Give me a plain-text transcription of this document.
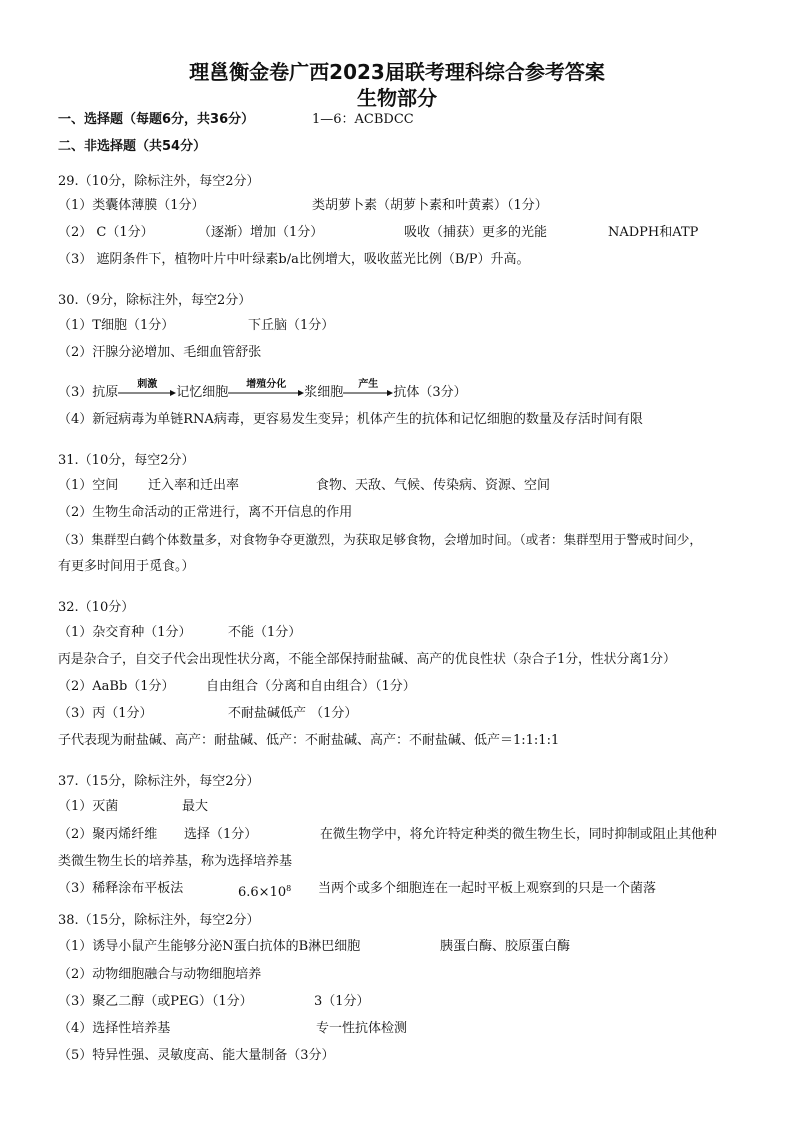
理邕衡金卷广西2023届联考理科综合参考答案
生物部分
一、选择题（每题6分，共36分）	1—6：ACBDCC
二、非选择题（共54分）
29.（10分，除标注外，每空2分）
（1）类囊体薄膜（1分）	类胡萝卜素（胡萝卜素和叶黄素）（1分）
（2） C（1分）	（逐渐）增加（1分）	吸收（捕获）更多的光能	NADPH和ATP
（3） 遮阴条件下，植物叶片中叶绿素b/a比例增大，吸收蓝光比例（B/P）升高。
30.（9分，除标注外，每空2分）
（1）T细胞（1分）	下丘脑（1分）
（2）汗腺分泌增加、毛细血管舒张
（3）抗原
刺激
记忆细胞
增殖分化
浆细胞
产生
抗体（3分）
（4）新冠病毒为单链RNA病毒，更容易发生变异；机体产生的抗体和记忆细胞的数量及存活时间有限
31.（10分，每空2分）
（1）空间 迁入率和迁出率	食物、天敌、气候、传染病、资源、空间
（2）生物生命活动的正常进行，离不开信息的作用
（3）集群型白鹤个体数量多，对食物争夺更激烈，为获取足够食物，会增加时间。（或者：集群型用于警戒时间少，
有更多时间用于觅食。）
32.（10分）
（1）杂交育种（1分）	不能（1分）
丙是杂合子，自交子代会出现性状分离，不能全部保持耐盐碱、高产的优良性状（杂合子1分，性状分离1分）
（2）AaBb（1分） 自由组合（分离和自由组合）（1分）
（3）丙（1分）	不耐盐碱低产 （1分）
子代表现为耐盐碱、高产：耐盐碱、低产：不耐盐碱、高产：不耐盐碱、低产＝1:1:1:1
37.（15分，除标注外，每空2分）
（1）灭菌	最大
（2）聚丙烯纤维 选择（1分）	在微生物学中，将允许特定种类的微生物生长，同时抑制或阻止其他种
类微生物生长的培养基，称为选择培养基
（3）稀释涂布平板法	$6.6\times 10^8$ 当两个或多个细胞连在一起时平板上观察到的只是一个菌落
38.（15分，除标注外，每空2分）
（1）诱导小鼠产生能够分泌N蛋白抗体的B淋巴细胞	胰蛋白酶、胶原蛋白酶
（2）动物细胞融合与动物细胞培养
（3）聚乙二醇（或PEG）（1分）	3（1分）
（4）选择性培养基	专一性抗体检测
（5）特异性强、灵敏度高、能大量制备（3分）
